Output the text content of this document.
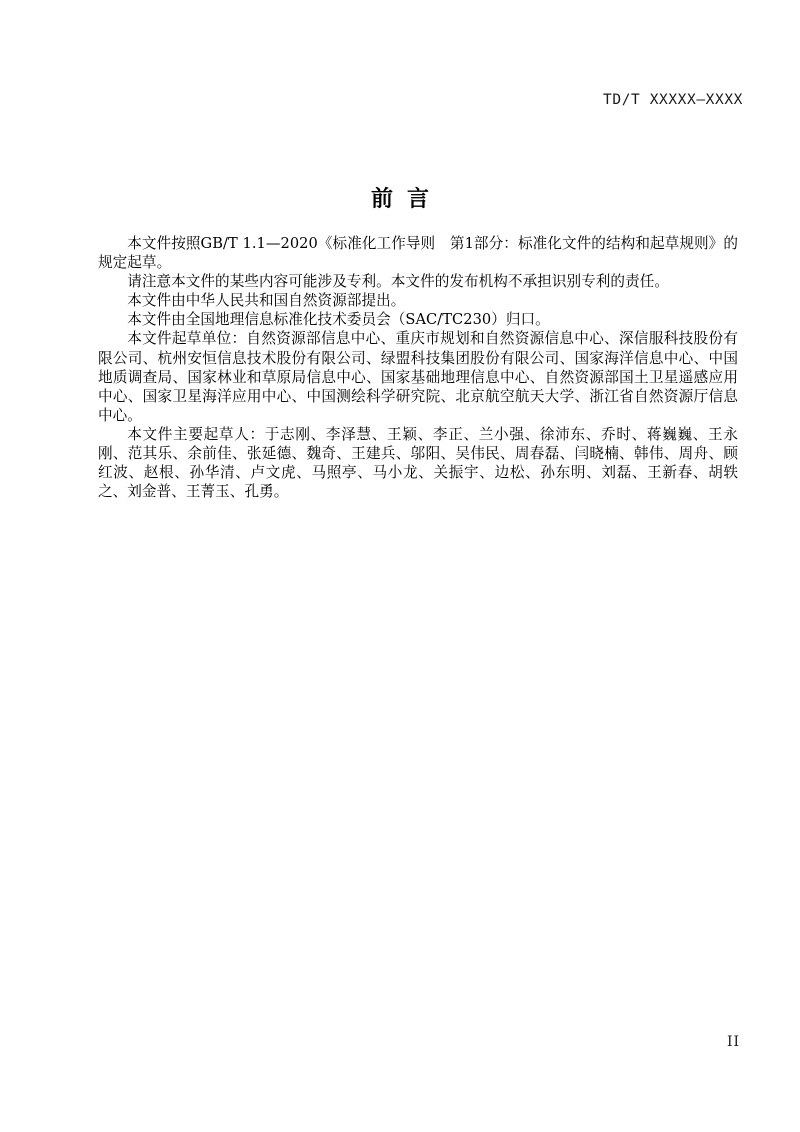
TD/T XXXXX—XXXX
前言

本文件按照GB/T 1.1—2020《标准化工作导则　第1部分：标准化文件的结构和起草规则》的规定起草。

请注意本文件的某些内容可能涉及专利。本文件的发布机构不承担识别专利的责任。

本文件由中华人民共和国自然资源部提出。

本文件由全国地理信息标准化技术委员会（SAC/TC230）归口。

本文件起草单位：自然资源部信息中心、重庆市规划和自然资源信息中心、深信服科技股份有限公司、杭州安恒信息技术股份有限公司、绿盟科技集团股份有限公司、国家海洋信息中心、中国地质调查局、国家林业和草原局信息中心、国家基础地理信息中心、自然资源部国土卫星遥感应用中心、国家卫星海洋应用中心、中国测绘科学研究院、北京航空航天大学、浙江省自然资源厅信息中心。

本文件主要起草人：于志刚、李泽慧、王颖、李正、兰小强、徐沛东、乔时、蒋巍巍、王永刚、范其乐、余前佳、张延德、魏奇、王建兵、邬阳、吴伟民、周春磊、闫晓楠、韩伟、周舟、顾红波、赵根、孙华清、卢文虎、马照亭、马小龙、关振宇、边松、孙东明、刘磊、王新春、胡轶之、刘金普、王菁玉、孔勇。

II
